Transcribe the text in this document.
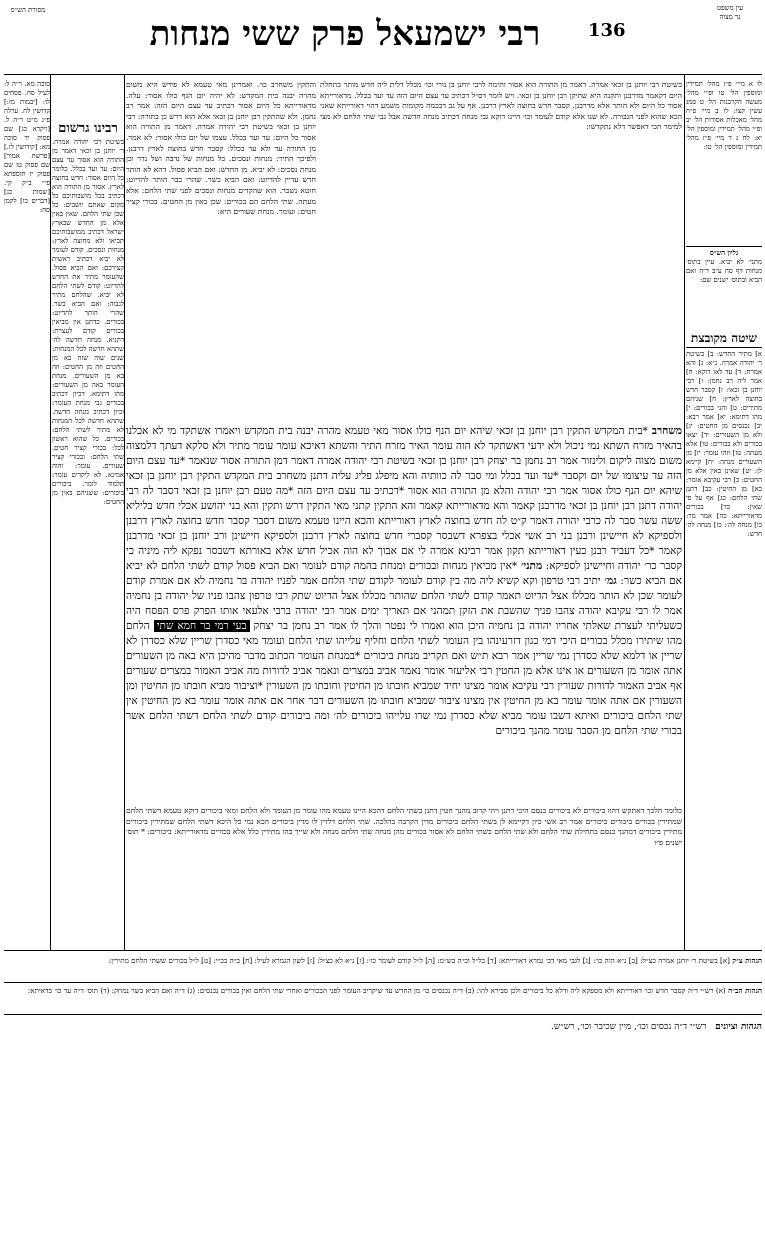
מסורת הש״ס
רבי ישמעאל פרק ששי מנחות	136
עין משפט
נר מצוה
לו א מיי׳ פ״ז מהל׳ תמידין ומוספין הל׳ טו ופ״י מהל׳ מעשה הקרבנות הל׳ ט סמג עשין קצו: לז ב מיי׳ פ״ח מהל׳ מאכלות אסורות הל׳ יב ופ״י מהל׳ תמידין ומוספין הל׳ יא: לח ג ד מיי׳ פ״ז מהל׳ תמידין ומוספין הל׳ טו:
גליון הש״ס
מתני׳ לא יביא. עיין בתוס׳ מנחות דף סח ע״ב ד״ה ואם הביא ובתוס׳ ישנים שם:
שיטה מקובצת
א] מתיר החדש: ב] בשיטת ר׳ יהודה אמרה. נ״א: ג] והא אמרת: ד] עד לאו דוקא: ה] אמר ליה רב נחמן: ו] רבי יוחנן בן זכאי: ז] קסבר חדש בחוצה לארץ: ח] שניהם מתירים: ט] והני בכורים: י] מהו דתימא: יא] אמר רבא: יב] נכנסים מן החטים: יג] ולא מן השעורים: יד] יצאו בכורים ולא בכורים: טו] אלא מעתה: טז] וזהו עומר: יז] מן השעורים מנחה: יח] קיימא לן: יט] שאינן באין אלא מן החטים: כ] רבי עקיבא אומר: כא] מן החיטין: כב] דתנן שתי הלחם: כג] אף על פי שאין: כד] בכורים מדאורייתא: כה] אמר מר: כו] מנחה לה׳: כז] מנחה לה׳ חדש:
בשיטת רבי יוחנן בן זכאי אמרה. דאמר מן התורה הוא אסור ותימה לרבי יוחנן בן נורי וכו׳ מכלל דלית ליה חדש מותר בתחלת היום דקאמר מדרבנן ותקנה היא שתיקן רבן יוחנן בן זכאי. ויש לומר דס״ל דכתיב עד עצם היום הזה עד ועד בכלל. מדאורייתא אסור כל היום ולא הותר אלא מדרבנן. קסבר חדש בחוצה לארץ דרבנן. אף על גב דבכמה מקומות משמע דהוי דאורייתא שאני הכא שהוא לפני הגבורה. לא שנו אלא קודם לעומר וכו׳ היינו דוקא גבי מנחה דכתיב מנחה חדשה אבל גבי שתי הלחם לא מצי למימר הכי דאפשר דלא נתקדשו:
סוכה מא. ר״ה ל: לעיל סח. פסחים לו: [יבמות מז:] קדושין לח. ערלה פ״ג מ״ט ר״ה ל. [ויקרא כג] שם פסוק יד סוכה מא: [קידושין לז.] [פרשת אמור] שם פסוק טז שם פסוק יז תוספתא פ״י ב״ק קי. [שמות כג] [דברים כו] לקמן סח:
רבינו גרשום
בשיטת רבי יהודה אמרה. ר׳ יוחנן בן זכאי דאמר מן התורה הוא אסור עד עצם היום: עד ועד בכלל. כלומר כל היום אסור: חדש בחוצה לארץ. אסור מן התורה הוא דכתיב בכל מושבותיכם כל מקום שאתם יושבים: כל שכן שתי הלחם. שאין באין אלא מן החדש שבארץ ישראל דכתיב ממושבותיכם תביאו ולא מחוצה לארץ: מנחות ונסכים. קודם לעומר לא יביא דכתיב ראשית קצירכם: ואם הביא פסול. שהעומר מתיר את החדש להדיוט: קודם לשתי הלחם לא יביא. שהלחם מתיר לגבוה: ואם הביא כשר. שהרי הותר להדיוט: בכורים. כדתנן אין מביאין בכורים קודם לעצרת: דתניא. מנחה חדשה לה׳ שתהא חדשה לכל המנחות: שנים שוה שזה בא מן החטים וזה מן החטים: וזה בא מן השעורים. מנחת העומר באה מן השעורים: מהו דתימא. דכיון דכתיב בכורים גבי מנחת העומר: וכיון דכתיב מנחה חדשה. שתהא חדשה לכל המנחות לא מתיר לשתי הלחם: בכורים. כל שהוא ראשון לכל: בכורי קציר חטים. שתי הלחם: ובכורי קציר שעורים. עומר: והוה אמינא. לא ליקדים עומר: תלמוד לומר. ביכורים ביכורים: ששניהם באין מן החטים:
והתקין משחרב כו׳. ואמרינן מאי טעמא לא פירש היא משום מהרה יבנה בית המקדש: לא יהיה יום הנף כולו אסור: עלה. מדאורייתא כל היום אסור דכתיב עד עצם היום הזה: אמר רב נחמן. ולא שהתקין רבן יוחנן בן זכאי אלא הוא דרש כן בתורה: רבי יוחנן בן זכאי בשיטת רבי יהודה אמרה. דאמר מן התורה הוא אסור כל היום: עד ועד בכלל. עצמו של יום כולו אסור: לא אמר. מן התורה עד ולא עד בכלל: קסבר חדש בחוצה לארץ דרבנן. ולפיכך התיר: מנחות ונסכים. כל מנחות של נדבה ושל נדר וכן מנחת נסכים: לא יביא. מן החדש: ואם הביא פסול. דהא לא הותר חדש עדיין להדיוט: ואם הביא כשר. שהרי כבר הותר להדיוט: חוטא נשכר. הוא שהקדים מנחות ונסכים לפני שתי הלחם: אלא מעתה. שתי הלחם הם בכורים: שכן באין מן החטים. בכורי קציר חטים: ועומר. מנחת שעורים היא:
משחרב *בית המקדש התקין רבן יוחנן בן זכאי שיהא יום הנף כולו אסור מאי טעמא מהרה יבנה בית המקדש ויאמרו אשתקד מי לא אכלנו בהאיר מזרח השתא נמי ניכול ולא ידעי דאשתקד לא הוה עומר האיר מזרח התיר והשתא דאיכא עומר עומר מתיר ולא סלקא דעתך דלמצוה משום מצוה ליקום ולינזור אמר רב נחמן בר יצחק רבן יוחנן בן זכאי בשיטת רבי יהודה אמרה דאמר דמן התורה אסור שנאמר *עד עצם היום הזה עד עיצומו של יום וקסבר *עד ועד בכלל ומי סבר לה כוותיה והא מיפלג פליג עליה דתנן משחרב בית המקדש התקין רבן יוחנן בן זכאי שיהא יום הנף כולו אסור אמר רבי יהודה והלא מן התורה הוא אסור *דכתיב עד עצם היום הזה *מה טעם רבן יוחנן בן זכאי דסבר לה רבי יהודה דתנן רבן יוחנן בן זכאי מדרבנן קאמר והא מדאורייתא קאמר והא התקין קתני מאי התקין דרש ותקין והא בני יהושע אכלי חדש בליליא ששה עשר סבר לה כרבי יהודה דאמר ק״ט לה חדש בחוצה לארץ דאורייתא והכא היינו טעמא משום דסבר קסבר חדש בחוצה לארץ דרבנן ולספיקא לא חיישינן ורבנן בני רב אשי אכלי בצפרא דשבסר קסברי חדש בחוצה לארץ דרבנן ולספיקא חיישינן ורב יוחנן בן זכאי מדרבנן קאמר *כל דעביד רבנן כעין דאורייתא תקון אמר רבינא אמרה לי אם אבוך לא הוה אכיל חדש אלא באורתא דשבסר נפקא ליה מיניה כי קסבר כר׳ יהודה וחיישינן לספיקא: מתני׳ *אין מביאין מנחות ובכורים ומנחת בהמה קודם לעומר ואם הביא פסול קודם לשתי הלחם לא יביא אם הביא כשר: גמ׳ יתיב רבי טרפון וקא קשיא ליה מה בין קודם לעומר לקודם שתי הלחם אמר לפניו יהודה בר נחמיה לא אם אמרת קודם לעומר שכן לא הותר מכללו אצל הדיוט תאמר קודם לשתי הלחם שהותר מכללו אצל הדיוט שתק רבי טרפון צהבו פניו של יהודה בן נחמיה אמר לו רבי עקיבא יהודה צהבו פניך שהשבת את הזקן תמהני אם תאריך ימים אמר רבי יהודה ברבי אלעאי אותו הפרק פרס הפסח היה כשעליתי לעצרת שאלתי אחריו יהודה בן נחמיה היכן הוא ואמרו לי נפטר והלך לו אמר רב נחמן בר יצחק בעי רמי בר חמא שתי הלחם מהו שיתירו מכלל בכורים היכי דמי כגון דזרעינהו בין העומר לשתי הלחם וחליף עלייהו שתי הלחם ועומד מאי כסדרן שריין שלא כסדרן לא שריין או דלמא שלא כסדרן נמי שריין אמר רבא ת״ש ואם תקריב מנחת ביכורים *במנחת העומר הכתוב מדבר מהיכן היא באה מן השעורים אתה אומר מן השעורים או אינו אלא מן החטין רבי אליעזר אומר נאמר אביב במצרים ונאמר אביב לדורות מה אביב האמור במצרים שעורים אף אביב האמור לדורות שעורין רבי עקיבא אומר מצינו יחיד שמביא חובתו מן החיטין וחובתו מן השעורין *וציבור מביא חובתו מן החיטין ומן השעורין אם אתה אומר עומר בא מן החיטין אין מצינו ציבור שמביא חובתו מן השעורים דבר אחר אם אתה אומר עומר בא מן החיטין אין שתי הלחם ביכורים ואיתא דשבו עומר מביא שלא כסדרן נמי שרו עלייהו ביכורים לה׳ ומה ביכורים קודם לשתי הלחם דשתי הלחם אשר בכורי שתי הלחם מן הסבר עומר מהנך ביכורים
כלומר הלכך דאתקש דהוו ביכורים לא ביכורים כנסם היכי דתנן ויהי קרוב מהנך חטין דתנן בשתי הלחם דהכא היינו טעמא מהו עומר מן העומר ולא הלחם ומאי ביכורים דוקא טעמא דשתי הלחם שמתירין בכורים ביכורים ביכורים אמר רב אשי כיון דקיימא לן בשתי הלחם ביכורים מדין הקרבה בהלכה. שתי הלחם דלדין לו מדין ביכורים הכא נמי כל היכא דשתי הלחם שמתירין ביכורים מתירין ביכורים דמהנך כנסם בתחילת שתי הלחם ולא שתי הלחם כשתי הלחם לא אסור בכורים מהן מנחה שתי הלחם מנחה ולא שייך בהו מתירין כלל אלא בכורים מדאורייתא: ביכורים: * תוס׳ ישנים פ״ו
הגהות צ״ק [א] בשיטת ר׳ יוחנן אמרה כצ״ל: [ב] נ״א הוה כו׳: [ג] לגבי מאי דכ׳ גמרא דאורייתא: [ד] כל״ל וכ״ה בש״מ: [ה] ל״ל קודם לעומר כו׳: [ו] נ״א לא כצ״ל: [ז] לשון הגמרא לעיל: [ח] כ״ה בכ״י: [ט] ל״ל בכורים ששתי הלחם מתירין:
הגהות הב״ח (א) רש״י ד״ה קסבר חדש וכו׳ דאורייתא ולא מספקא ליה ודלא כל ביכורים ולכן סבירא להו: (ב) ד״ה נכנסים כו׳ מן החדש עד שיקריב העומר לפני הבכורים ואחרי שתי הלחם ואין בכורים נכנסים: (ג) ד״ה ואם הביא כשר נמחק: (ד) תוס׳ ד״ה עד כו׳ כדאיתא:
הגהות וציונים   רש״י ד״ה נכסים וכו׳, מיין שכיבר וכו׳, רש״ש.
